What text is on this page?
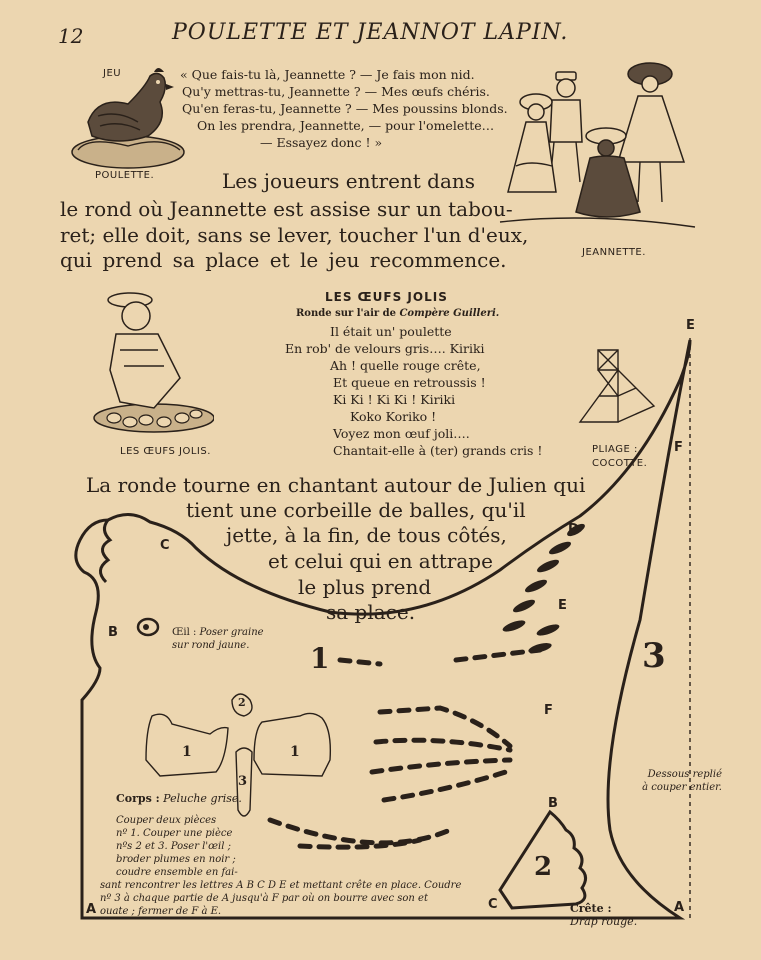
12	POULETTE ET JEANNOT LAPIN.
JEU
POULETTE.
« Que fais-tu là, Jeannette ? — Je fais mon nid.
Qu'y mettras-tu, Jeannette ? — Mes œufs chéris.
Qu'en feras-tu, Jeannette ? — Mes poussins blonds.
On les prendra, Jeannette, — pour l'omelette…
— Essayez donc ! »
Les joueurs entrent dans
le rond où Jeannette est assise sur un tabou-
ret; elle doit, sans se lever, toucher l'un d'eux,
qui prend sa place et le jeu recommence.	JEANNETTE.
LES ŒUFS JOLIS
Ronde sur l'air de Compère Guilleri.
LES ŒUFS JOLIS.
Il était un' poulette
En rob' de velours gris…. Kiriki
Ah ! quelle rouge crête,
Et queue en retroussis !
Ki Ki ! Ki Ki ! Kiriki
Koko Koriko !
Voyez mon œuf joli….
Chantait-elle à (ter) grands cris !	PLIAGE :
COCOTTE.
La ronde tourne en chantant autour de Julien qui
tient une corbeille de balles, qu'il
jette, à la fin, de tous côtés,
et celui qui en attrape
le plus prend
sa place.
C
B
D
E
F
E
F
A	A
B
C
1	3
2
1	1
2
3
Œil : Poser graine
sur rond jaune.
Corps : Peluche grise.
Couper deux pièces
nº 1. Couper une pièce
nºs 2 et 3. Poser l'œil ;
broder plumes en noir ;
coudre ensemble en fai-
sant rencontrer les lettres A B C D E et mettant crête en place. Coudre
nº 3 à chaque partie de A jusqu'à F par où on bourre avec son et
ouate ; fermer de F à E.
Dessous replié
à couper entier.
Crête :
Drap rouge.
